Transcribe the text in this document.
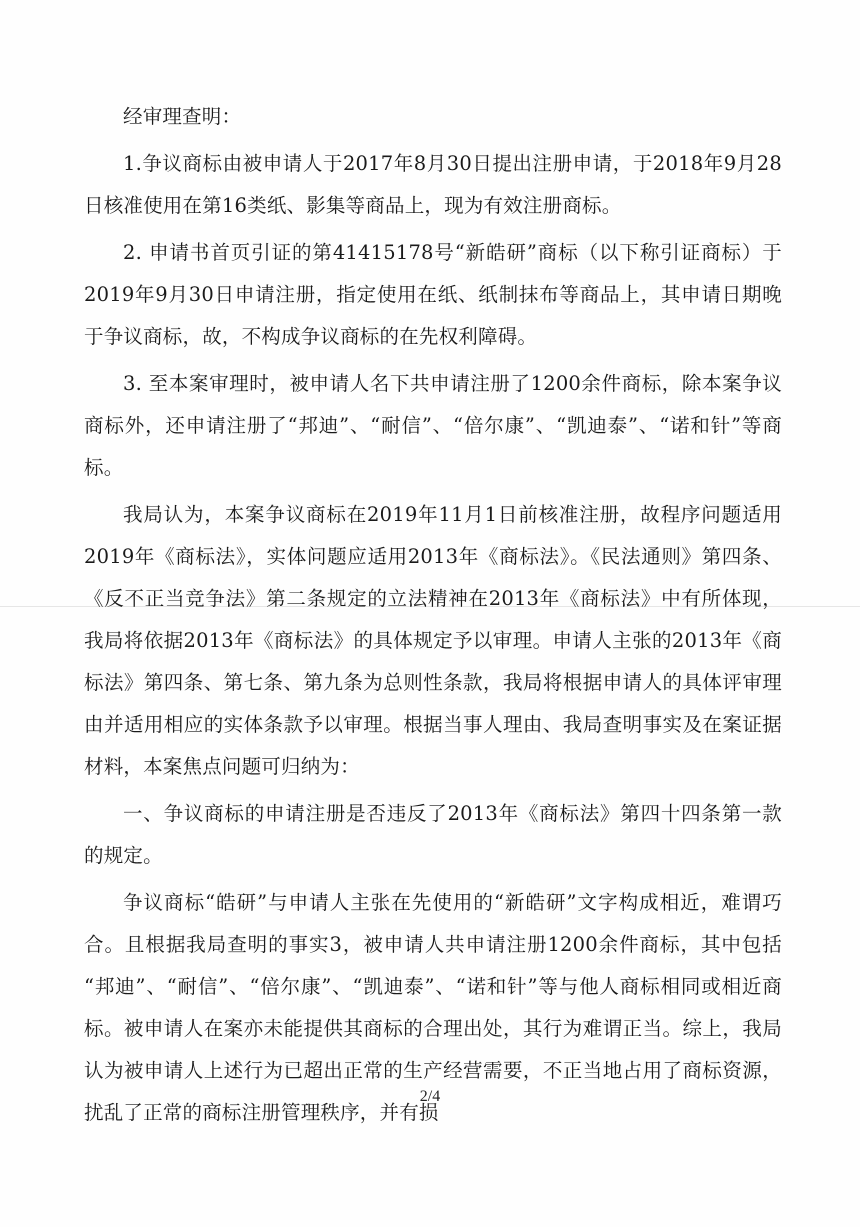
经审理查明：

1.争议商标由被申请人于2017年8月30日提出注册申请，于2018年9月28日核准使用在第16类纸、影集等商品上，现为有效注册商标。

2. 申请书首页引证的第41415178号“新皓研”商标（以下称引证商标）于2019年9月30日申请注册，指定使用在纸、纸制抹布等商品上，其申请日期晚于争议商标，故，不构成争议商标的在先权利障碍。

3. 至本案审理时，被申请人名下共申请注册了1200余件商标，除本案争议商标外，还申请注册了“邦迪”、“耐信”、“倍尔康”、“凯迪泰”、“诺和针”等商标。

我局认为，本案争议商标在2019年11月1日前核准注册，故程序问题适用2019年《商标法》，实体问题应适用2013年《商标法》。《民法通则》第四条、《反不正当竞争法》第二条规定的立法精神在2013年《商标法》中有所体现，我局将依据2013年《商标法》的具体规定予以审理。申请人主张的2013年《商标法》第四条、第七条、第九条为总则性条款，我局将根据申请人的具体评审理由并适用相应的实体条款予以审理。根据当事人理由、我局查明事实及在案证据材料，本案焦点问题可归纳为：

一、争议商标的申请注册是否违反了2013年《商标法》第四十四条第一款的规定。

争议商标“皓研”与申请人主张在先使用的“新皓研”文字构成相近，难谓巧合。且根据我局查明的事实3，被申请人共申请注册1200余件商标，其中包括 “邦迪”、“耐信”、“倍尔康”、“凯迪泰”、“诺和针”等与他人商标相同或相近商标。被申请人在案亦未能提供其商标的合理出处，其行为难谓正当。综上，我局认为被申请人上述行为已超出正常的生产经营需要，不正当地占用了商标资源，扰乱了正常的商标注册管理秩序，并有损

2/4
